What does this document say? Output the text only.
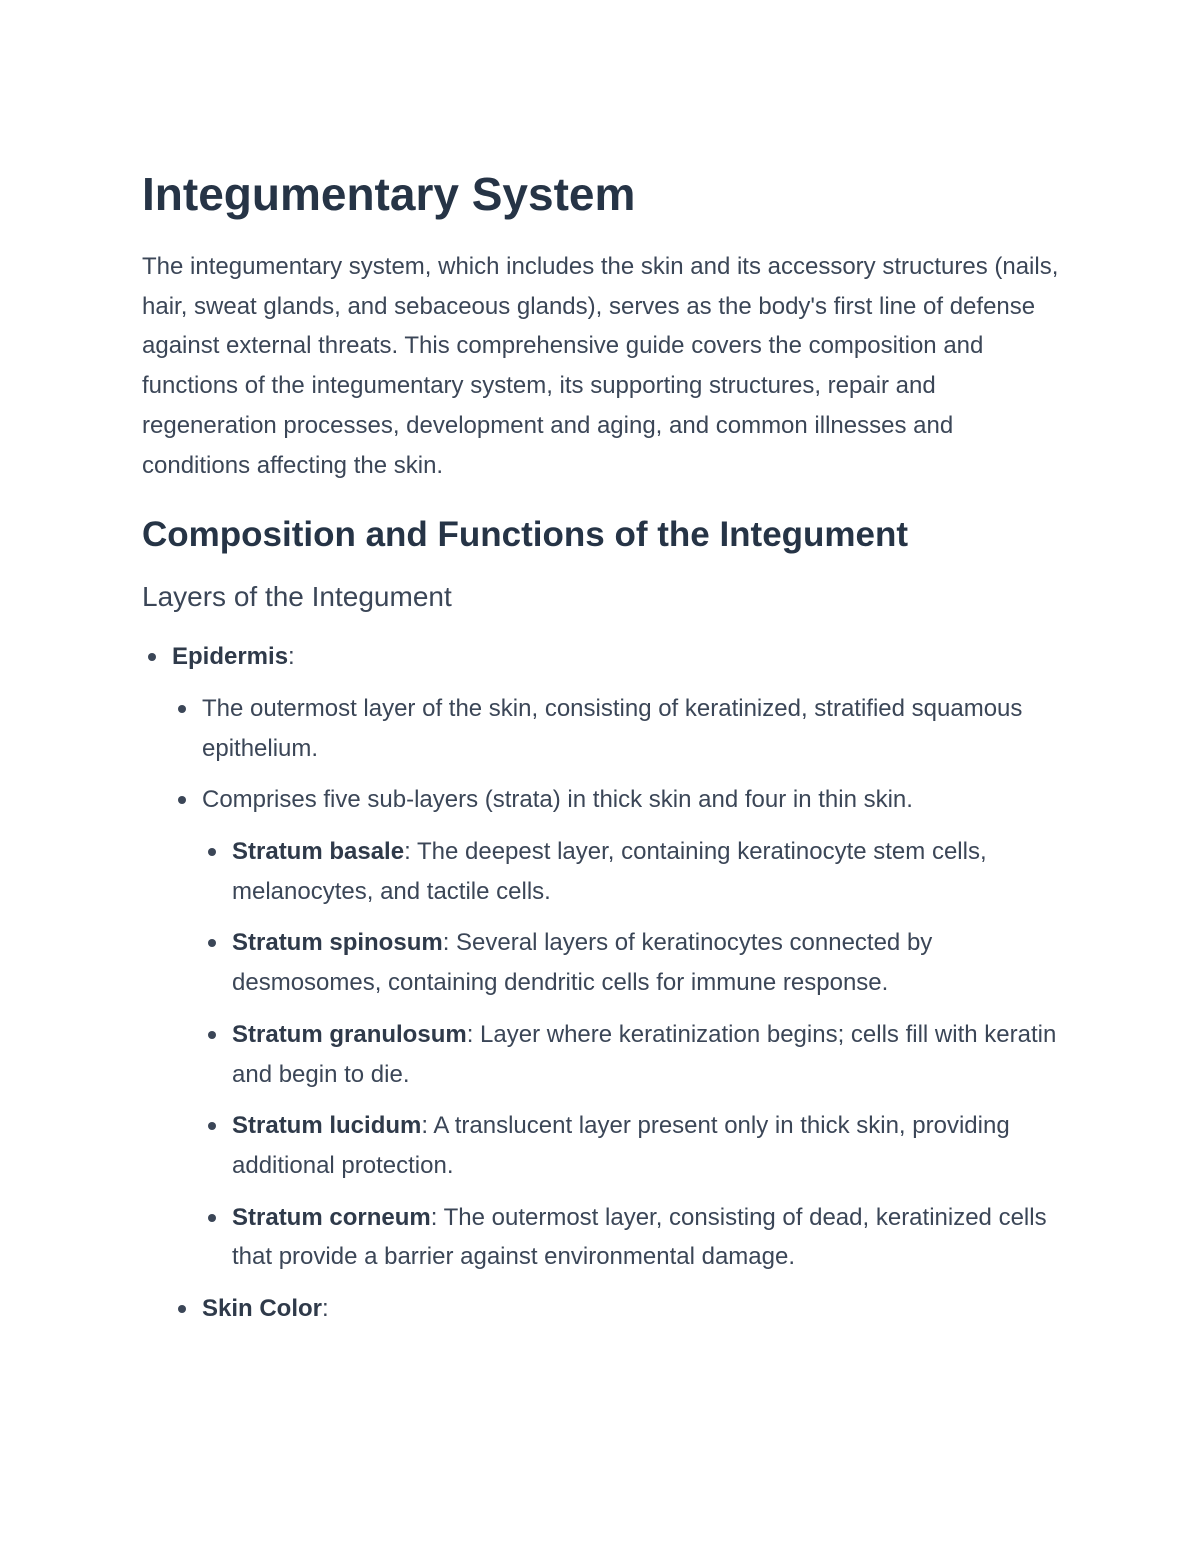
Integumentary System

The integumentary system, which includes the skin and its accessory structures (nails, hair, sweat glands, and sebaceous glands), serves as the body's first line of defense against external threats. This comprehensive guide covers the composition and functions of the integumentary system, its supporting structures, repair and regeneration processes, development and aging, and common illnesses and conditions affecting the skin.

Composition and Functions of the Integument
Layers of the Integument
Epidermis:
The outermost layer of the skin, consisting of keratinized, stratified squamous epithelium.
Comprises five sub-layers (strata) in thick skin and four in thin skin.
Stratum basale: The deepest layer, containing keratinocyte stem cells, melanocytes, and tactile cells.
Stratum spinosum: Several layers of keratinocytes connected by desmosomes, containing dendritic cells for immune response.
Stratum granulosum: Layer where keratinization begins; cells fill with keratin and begin to die.
Stratum lucidum: A translucent layer present only in thick skin, providing additional protection.
Stratum corneum: The outermost layer, consisting of dead, keratinized cells that provide a barrier against environmental damage.
Skin Color:
